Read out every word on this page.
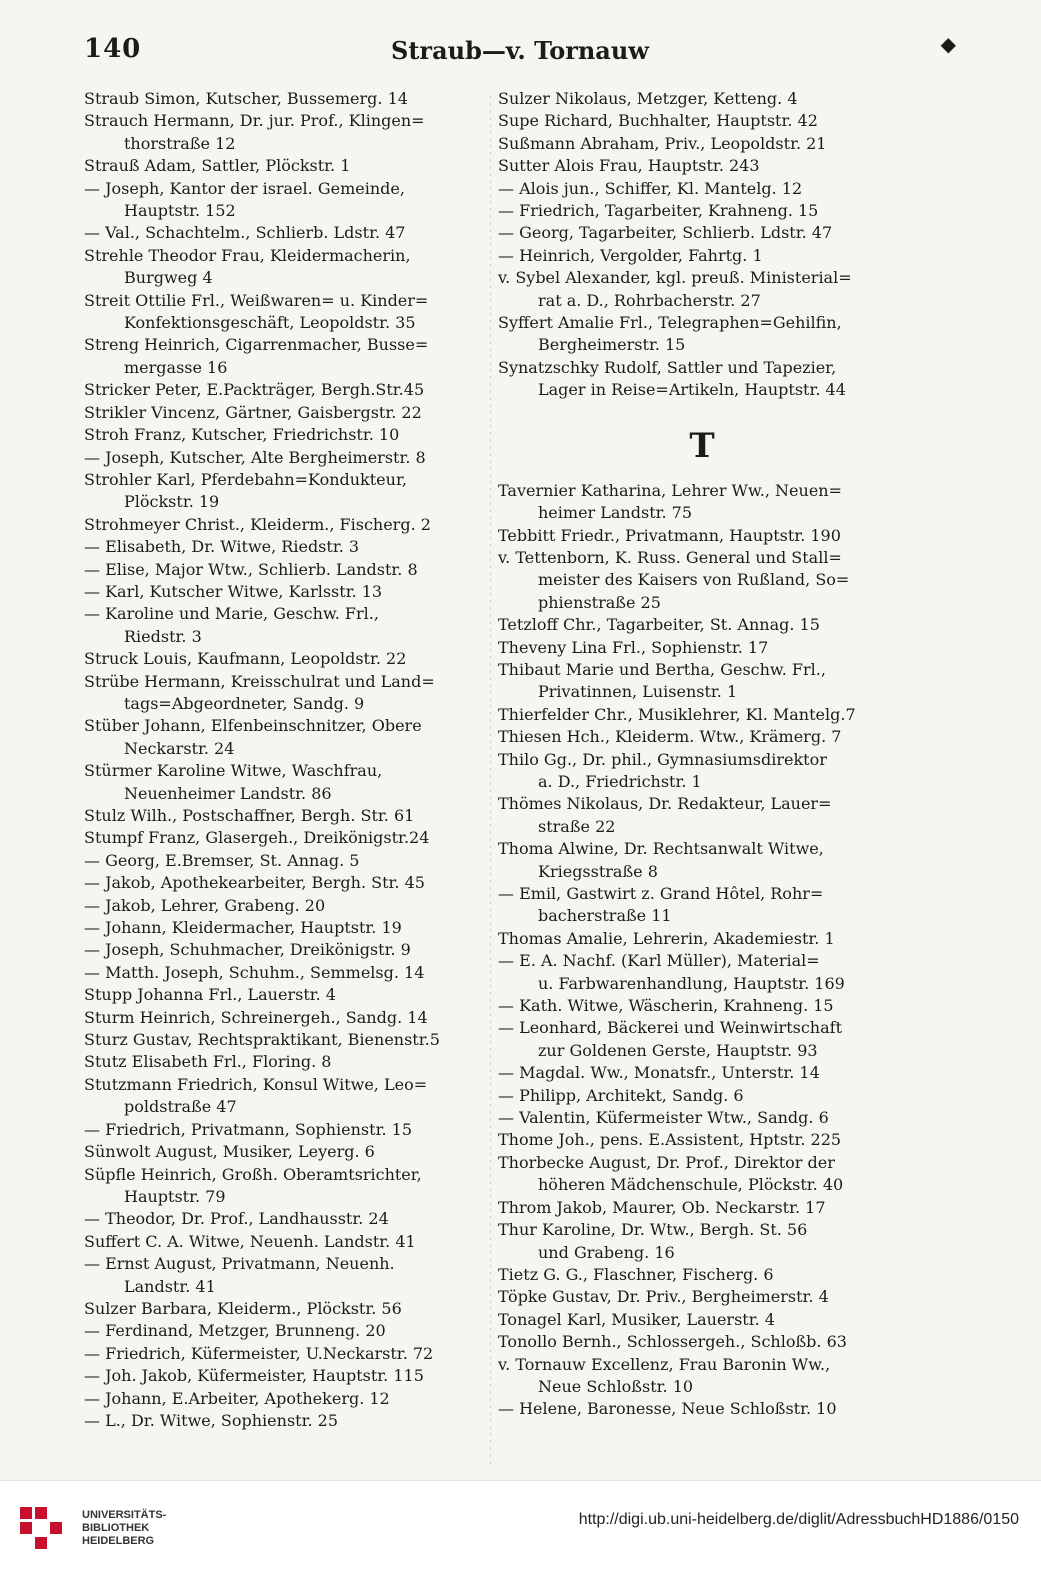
140	Straub—v. Tornauw	◆
Straub Simon, Kutscher, Bussemerg. 14
Strauch Hermann, Dr. jur. Prof., Klingen=
thorstraße 12
Strauß Adam, Sattler, Plöckstr. 1
— Joseph, Kantor der israel. Gemeinde,
Hauptstr. 152
— Val., Schachtelm., Schlierb. Ldstr. 47
Strehle Theodor Frau, Kleidermacherin,
Burgweg 4
Streit Ottilie Frl., Weißwaren= u. Kinder=
Konfektionsgeschäft, Leopoldstr. 35
Streng Heinrich, Cigarrenmacher, Busse=
mergasse 16
Stricker Peter, E.Packträger, Bergh.Str.45
Strikler Vincenz, Gärtner, Gaisbergstr. 22
Stroh Franz, Kutscher, Friedrichstr. 10
— Joseph, Kutscher, Alte Bergheimerstr. 8
Strohler Karl, Pferdebahn=Kondukteur,
Plöckstr. 19
Strohmeyer Christ., Kleiderm., Fischerg. 2
— Elisabeth, Dr. Witwe, Riedstr. 3
— Elise, Major Wtw., Schlierb. Landstr. 8
— Karl, Kutscher Witwe, Karlsstr. 13
— Karoline und Marie, Geschw. Frl.,
Riedstr. 3
Struck Louis, Kaufmann, Leopoldstr. 22
Strübe Hermann, Kreisschulrat und Land=
tags=Abgeordneter, Sandg. 9
Stüber Johann, Elfenbeinschnitzer, Obere
Neckarstr. 24
Stürmer Karoline Witwe, Waschfrau,
Neuenheimer Landstr. 86
Stulz Wilh., Postschaffner, Bergh. Str. 61
Stumpf Franz, Glasergeh., Dreikönigstr.24
— Georg, E.Bremser, St. Annag. 5
— Jakob, Apothekearbeiter, Bergh. Str. 45
— Jakob, Lehrer, Grabeng. 20
— Johann, Kleidermacher, Hauptstr. 19
— Joseph, Schuhmacher, Dreikönigstr. 9
— Matth. Joseph, Schuhm., Semmelsg. 14
Stupp Johanna Frl., Lauerstr. 4
Sturm Heinrich, Schreinergeh., Sandg. 14
Sturz Gustav, Rechtspraktikant, Bienenstr.5
Stutz Elisabeth Frl., Floring. 8
Stutzmann Friedrich, Konsul Witwe, Leo=
poldstraße 47
— Friedrich, Privatmann, Sophienstr. 15
Sünwolt August, Musiker, Leyerg. 6
Süpfle Heinrich, Großh. Oberamtsrichter,
Hauptstr. 79
— Theodor, Dr. Prof., Landhausstr. 24
Suffert C. A. Witwe, Neuenh. Landstr. 41
— Ernst August, Privatmann, Neuenh.
Landstr. 41
Sulzer Barbara, Kleiderm., Plöckstr. 56
— Ferdinand, Metzger, Brunneng. 20
— Friedrich, Küfermeister, U.Neckarstr. 72
— Joh. Jakob, Küfermeister, Hauptstr. 115
— Johann, E.Arbeiter, Apothekerg. 12
— L., Dr. Witwe, Sophienstr. 25
Sulzer Nikolaus, Metzger, Ketteng. 4
Supe Richard, Buchhalter, Hauptstr. 42
Sußmann Abraham, Priv., Leopoldstr. 21
Sutter Alois Frau, Hauptstr. 243
— Alois jun., Schiffer, Kl. Mantelg. 12
— Friedrich, Tagarbeiter, Krahneng. 15
— Georg, Tagarbeiter, Schlierb. Ldstr. 47
— Heinrich, Vergolder, Fahrtg. 1
v. Sybel Alexander, kgl. preuß. Ministerial=
rat a. D., Rohrbacherstr. 27
Syffert Amalie Frl., Telegraphen=Gehilfin,
Bergheimerstr. 15
Synatzschky Rudolf, Sattler und Tapezier,
Lager in Reise=Artikeln, Hauptstr. 44
T
Tavernier Katharina, Lehrer Ww., Neuen=
heimer Landstr. 75
Tebbitt Friedr., Privatmann, Hauptstr. 190
v. Tettenborn, K. Russ. General und Stall=
meister des Kaisers von Rußland, So=
phienstraße 25
Tetzloff Chr., Tagarbeiter, St. Annag. 15
Theveny Lina Frl., Sophienstr. 17
Thibaut Marie und Bertha, Geschw. Frl.,
Privatinnen, Luisenstr. 1
Thierfelder Chr., Musiklehrer, Kl. Mantelg.7
Thiesen Hch., Kleiderm. Wtw., Krämerg. 7
Thilo Gg., Dr. phil., Gymnasiumsdirektor
a. D., Friedrichstr. 1
Thömes Nikolaus, Dr. Redakteur, Lauer=
straße 22
Thoma Alwine, Dr. Rechtsanwalt Witwe,
Kriegsstraße 8
— Emil, Gastwirt z. Grand Hôtel, Rohr=
bacherstraße 11
Thomas Amalie, Lehrerin, Akademiestr. 1
— E. A. Nachf. (Karl Müller), Material=
u. Farbwarenhandlung, Hauptstr. 169
— Kath. Witwe, Wäscherin, Krahneng. 15
— Leonhard, Bäckerei und Weinwirtschaft
zur Goldenen Gerste, Hauptstr. 93
— Magdal. Ww., Monatsfr., Unterstr. 14
— Philipp, Architekt, Sandg. 6
— Valentin, Küfermeister Wtw., Sandg. 6
Thome Joh., pens. E.Assistent, Hptstr. 225
Thorbecke August, Dr. Prof., Direktor der
höheren Mädchenschule, Plöckstr. 40
Throm Jakob, Maurer, Ob. Neckarstr. 17
Thur Karoline, Dr. Wtw., Bergh. St. 56
und Grabeng. 16
Tietz G. G., Flaschner, Fischerg. 6
Töpke Gustav, Dr. Priv., Bergheimerstr. 4
Tonagel Karl, Musiker, Lauerstr. 4
Tonollo Bernh., Schlossergeh., Schloßb. 63
v. Tornauw Excellenz, Frau Baronin Ww.,
Neue Schloßstr. 10
— Helene, Baronesse, Neue Schloßstr. 10
UNIVERSITÄTS-
BIBLIOTHEK
HEIDELBERG
http://digi.ub.uni-heidelberg.de/diglit/AdressbuchHD1886/0150
